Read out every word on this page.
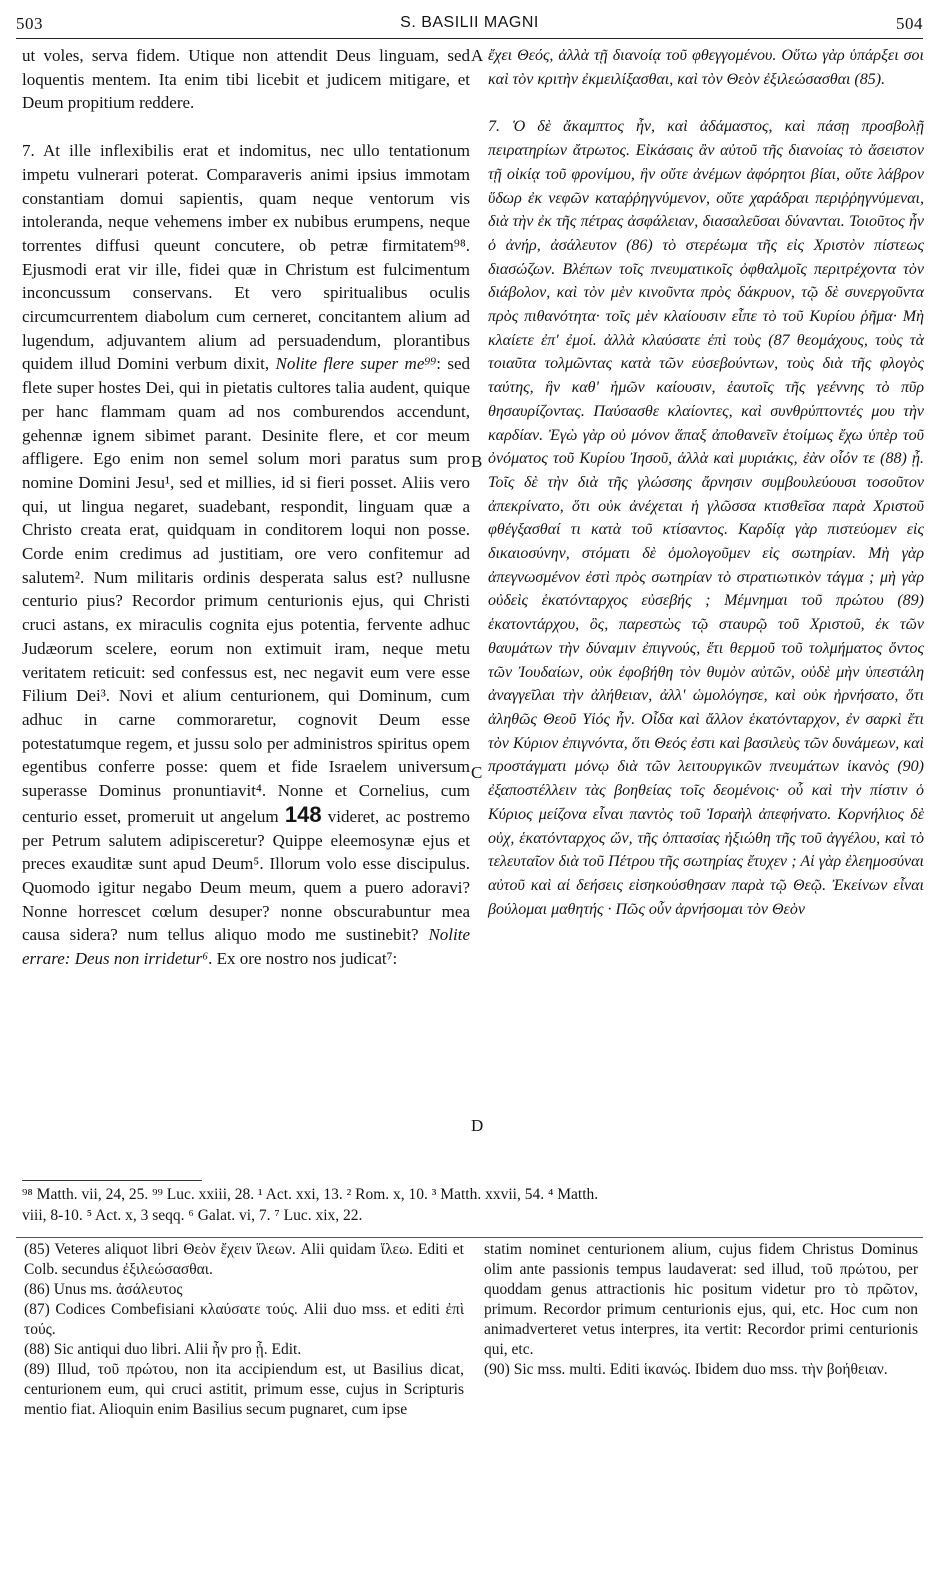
503	S. BASILII MAGNI	504

ut voles, serva fidem. Utique non attendit Deus linguam, sed loquentis mentem. Ita enim tibi licebit et judicem mitigare, et Deum propitium reddere.

7. At ille inflexibilis erat et indomitus, nec ullo tentationum impetu vulnerari poterat. Comparaveris animi ipsius immotam constantiam domui sapientis, quam neque ventorum vis intoleranda, neque vehemens imber ex nubibus erumpens, neque torrentes diffusi queunt concutere, ob petræ firmitatem⁹⁸. Ejusmodi erat vir ille, fidei quæ in Christum est fulcimentum inconcussum conservans. Et vero spiritualibus oculis circumcurrentem diabolum cum cerneret, concitantem alium ad lugendum, adjuvantem alium ad persuadendum, plorantibus quidem illud Domini verbum dixit, Nolite flere super me⁹⁹: sed flete super hostes Dei, qui in pietatis cultores talia audent, quique per hanc flammam quam ad nos comburendos accendunt, gehennæ ignem sibimet parant. Desinite flere, et cor meum affligere. Ego enim non semel solum mori paratus sum pro nomine Domini Jesu¹, sed et millies, id si fieri posset. Aliis vero qui, ut lingua negaret, suadebant, respondit, linguam quæ a Christo creata erat, quidquam in conditorem loqui non posse. Corde enim credimus ad justitiam, ore vero confitemur ad salutem². Num militaris ordinis desperata salus est? nullusne centurio pius? Recordor primum centurionis ejus, qui Christi cruci astans, ex miraculis cognita ejus potentia, fervente adhuc Judæorum scelere, eorum non extimuit iram, neque metu veritatem reticuit: sed confessus est, nec negavit eum vere esse Filium Dei³. Novi et alium centurionem, qui Dominum, cum adhuc in carne commoraretur, cognovit Deum esse potestatumque regem, et jussu solo per administros spiritus opem egentibus conferre posse: quem et fide Israelem universum superasse Dominus pronuntiavit⁴. Nonne et Cornelius, cum centurio esset, promeruit ut angelum 148 videret, ac postremo per Petrum salutem adipisceretur? Quippe eleemosynæ ejus et preces exauditæ sunt apud Deum⁵. Illorum volo esse discipulus. Quomodo igitur negabo Deum meum, quem a puero adoravi? Nonne horrescet cœlum desuper? nonne obscurabuntur mea causa sidera? num tellus aliquo modo me sustinebit? Nolite errare: Deus non irridetur⁶. Ex ore nostro nos judicat⁷:

A
B
C
D

ἔχει Θεός, ἀλλὰ τῇ διανοίᾳ τοῦ φθεγγομένου. Οὕτω γὰρ ὑπάρξει σοι καὶ τὸν κριτὴν ἐκμειλίξασθαι, καὶ τὸν Θεὸν ἐξιλεώσασθαι (85).

7. Ὁ δὲ ἄκαμπτος ἦν, καὶ ἀδάμαστος, καὶ πάσῃ προσβολῇ πειρατηρίων ἄτρωτος. Εἰκάσαις ἂν αὐτοῦ τῆς διανοίας τὸ ἄσειστον τῇ οἰκίᾳ τοῦ φρονίμου, ἣν οὔτε ἀνέμων ἀφόρητοι βίαι, οὔτε λάβρον ὕδωρ ἐκ νεφῶν καταῤῥηγνύμενον, οὔτε χαράδραι περιῤῥηγνύμεναι, διὰ τὴν ἐκ τῆς πέτρας ἀσφάλειαν, διασαλεῦσαι δύνανται. Τοιοῦτος ἦν ὁ ἀνήρ, ἀσάλευτον (86) τὸ στερέωμα τῆς εἰς Χριστὸν πίστεως διασώζων. Βλέπων τοῖς πνευματικοῖς ὀφθαλμοῖς περιτρέχοντα τὸν διάβολον, καὶ τὸν μὲν κινοῦντα πρὸς δάκρυον, τῷ δὲ συνεργοῦντα πρὸς πιθανότητα· τοῖς μὲν κλαίουσιν εἶπε τὸ τοῦ Κυρίου ῥῆμα· Μὴ κλαίετε ἐπ' ἐμοί. ἀλλὰ κλαύσατε ἐπὶ τοὺς (87 θεομάχους, τοὺς τὰ τοιαῦτα τολμῶντας κατὰ τῶν εὐσεβούντων, τοὺς διὰ τῆς φλογὸς ταύτης, ἣν καθ' ἡμῶν καίουσιν, ἑαυτοῖς τῆς γεέννης τὸ πῦρ θησαυρίζοντας. Παύσασθε κλαίοντες, καὶ συνθρύπτοντές μου τὴν καρδίαν. Ἐγὼ γὰρ οὐ μόνον ἅπαξ ἀποθανεῖν ἑτοίμως ἔχω ὑπὲρ τοῦ ὀνόματος τοῦ Κυρίου Ἰησοῦ, ἀλλὰ καὶ μυριάκις, ἐὰν οἷόν τε (88) ᾖ. Τοῖς δὲ τὴν διὰ τῆς γλώσσης ἄρνησιν συμβουλεύουσι τοσοῦτον ἀπεκρίνατο, ὅτι οὐκ ἀνέχεται ἡ γλῶσσα κτισθεῖσα παρὰ Χριστοῦ φθέγξασθαί τι κατὰ τοῦ κτίσαντος. Καρδίᾳ γὰρ πιστεύομεν εἰς δικαιοσύνην, στόματι δὲ ὁμολογοῦμεν εἰς σωτηρίαν. Μὴ γὰρ ἀπεγνωσμένον ἐστὶ πρὸς σωτηρίαν τὸ στρατιωτικὸν τάγμα ; μὴ γὰρ οὐδεὶς ἑκατόνταρχος εὐσεβής ; Μέμνημαι τοῦ πρώτου (89) ἑκατοντάρχου, ὃς, παρεστὼς τῷ σταυρῷ τοῦ Χριστοῦ, ἐκ τῶν θαυμάτων τὴν δύναμιν ἐπιγνούς, ἔτι θερμοῦ τοῦ τολμήματος ὄντος τῶν Ἰουδαίων, οὐκ ἐφοβήθη τὸν θυμὸν αὐτῶν, οὐδὲ μὴν ὑπεστάλη ἀναγγεῖλαι τὴν ἀλήθειαν, ἀλλ' ὡμολόγησε, καὶ οὐκ ἠρνήσατο, ὅτι ἀληθῶς Θεοῦ Υἱός ἦν. Οἶδα καὶ ἄλλον ἑκατόνταρχον, ἐν σαρκὶ ἔτι τὸν Κύριον ἐπιγνόντα, ὅτι Θεός ἐστι καὶ βασιλεὺς τῶν δυνάμεων, καὶ προστάγματι μόνῳ διὰ τῶν λειτουργικῶν πνευμάτων ἱκανὸς (90) ἐξαποστέλλειν τὰς βοηθείας τοῖς δεομένοις· οὗ καὶ τὴν πίστιν ὁ Κύριος μείζονα εἶναι παντὸς τοῦ Ἰσραὴλ ἀπεφήνατο. Κορνήλιος δὲ οὐχ, ἑκατόνταρχος ὤν, τῆς ὀπτασίας ἠξιώθη τῆς τοῦ ἀγγέλου, καὶ τὸ τελευταῖον διὰ τοῦ Πέτρου τῆς σωτηρίας ἔτυχεν ; Αἱ γὰρ ἐλεημοσύναι αὐτοῦ καὶ αἱ δεήσεις εἰσηκούσθησαν παρὰ τῷ Θεῷ. Ἐκείνων εἶναι βούλομαι μαθητής · Πῶς οὖν ἀρνήσομαι τὸν Θεὸν

⁹⁸ Matth. vii, 24, 25. ⁹⁹ Luc. xxiii, 28. ¹ Act. xxi, 13. ² Rom. x, 10. ³ Matth. xxvii, 54. ⁴ Matth.

viii, 8-10. ⁵ Act. x, 3 seqq. ⁶ Galat. vi, 7. ⁷ Luc. xix, 22.

(85) Veteres aliquot libri Θεὸν ἔχειν ἵλεων. Alii quidam ἵλεω. Editi et Colb. secundus ἐξιλεώσασθαι.

(86) Unus ms. ἀσάλευτος

(87) Codices Combefisiani κλαύσατε τούς. Alii duo mss. et editi ἐπὶ τούς.

(88) Sic antiqui duo libri. Alii ἦν pro ᾖ. Edit.

(89) Illud, τοῦ πρώτου, non ita accipiendum est, ut Basilius dicat, centurionem eum, qui cruci astitit, primum esse, cujus in Scripturis mentio fiat. Alioquin enim Basilius secum pugnaret, cum ipse

statim nominet centurionem alium, cujus fidem Christus Dominus olim ante passionis tempus laudaverat: sed illud, τοῦ πρώτου, per quoddam genus attractionis hic positum videtur pro τὸ πρῶτον, primum. Recordor primum centurionis ejus, qui, etc. Hoc cum non animadverteret vetus interpres, ita vertit: Recordor primi centurionis qui, etc.

(90) Sic mss. multi. Editi ἱκανώς. Ibidem duo mss. τὴν βοήθειαν.
